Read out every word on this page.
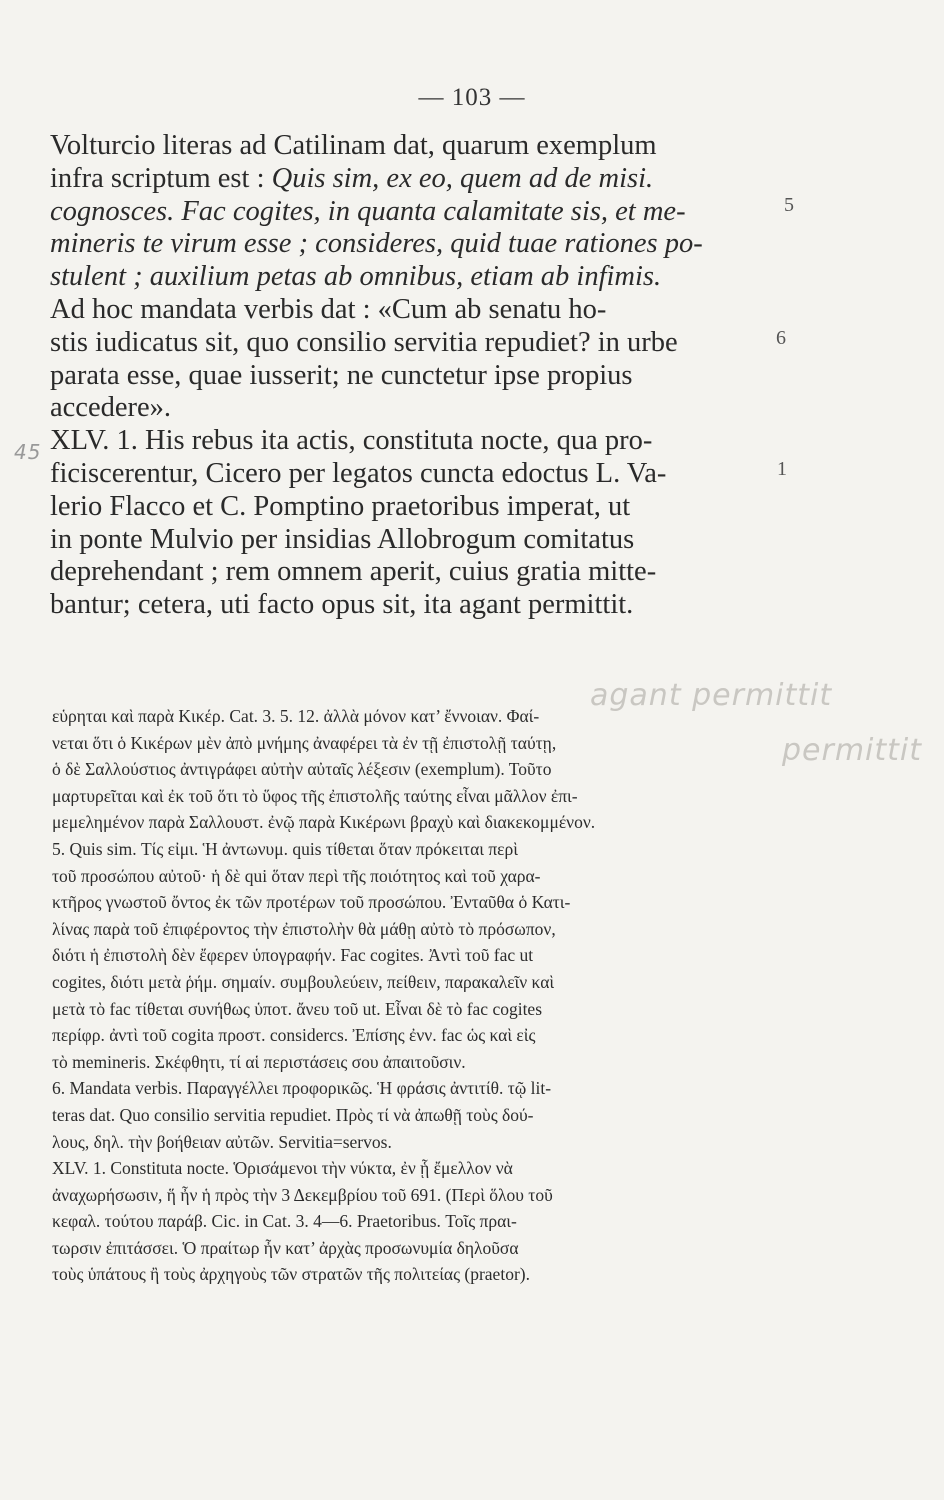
— 103 —
Volturcio literas ad Catilinam dat, quarum exemplum
infra scriptum est : Quis sim, ex eo, quem ad de misi.
cognosces. Fac cogites, in quanta calamitate sis, et me-
mineris te virum esse ; consideres, quid tuae rationes po-
stulent ; auxilium petas ab omnibus, etiam ab infimis.
Ad hoc mandata verbis dat : «Cum ab senatu ho-
stis iudicatus sit, quo consilio servitia repudiet? in urbe
parata esse, quae iusserit; ne cunctetur ipse propius
accedere».
XLV. 1. His rebus ita actis, constituta nocte, qua pro-
ficiscerentur, Cicero per legatos cuncta edoctus L. Va-
lerio Flacco et C. Pomptino praetoribus imperat, ut
in ponte Mulvio per insidias Allobrogum comitatus
deprehendant ; rem omnem aperit, cuius gratia mitte-
bantur; cetera, uti facto opus sit, ita agant permittit.
5
6
1
45
agant permittit
permittit
εὑρηται καὶ παρὰ Κικέρ. Cat. 3. 5. 12. ἀλλὰ μόνον κατ’ ἔννοιαν. Φαί-
νεται ὅτι ὁ Κικέρων μὲν ἀπὸ μνήμης ἀναφέρει τὰ ἐν τῇ ἐπιστολῇ ταύτῃ,
ὁ δὲ Σαλλούστιος ἀντιγράφει αὐτὴν αὐταῖς λέξεσιν (exemplum). Τοῦτο
μαρτυρεῖται καὶ ἐκ τοῦ ὅτι τὸ ὕφος τῆς ἐπιστολῆς ταύτης εἶναι μᾶλλον ἐπι-
μεμελημένον παρὰ Σαλλουστ. ἐνῷ παρὰ Κικέρωνι βραχὺ καὶ διακεκομμένον.
5. Quis sim. Τίς εἰμι. Ἡ ἀντωνυμ. quis τίθεται ὅταν πρόκειται περὶ
τοῦ προσώπου αὐτοῦ· ἡ δὲ qui ὅταν περὶ τῆς ποιότητος καὶ τοῦ χαρα-
κτῆρος γνωστοῦ ὄντος ἐκ τῶν προτέρων τοῦ προσώπου. Ἐνταῦθα ὁ Κατι-
λίνας παρὰ τοῦ ἐπιφέροντος τὴν ἐπιστολὴν θὰ μάθῃ αὐτὸ τὸ πρόσωπον,
διότι ἡ ἐπιστολὴ δὲν ἔφερεν ὑπογραφήν. Fac cogites. Ἀντὶ τοῦ fac ut
cogites, διότι μετὰ ῥήμ. σημαίν. συμβουλεύειν, πείθειν, παρακαλεῖν καὶ
μετὰ τὸ fac τίθεται συνήθως ὑποτ. ἄνευ τοῦ ut. Εἶναι δὲ τὸ fac cogites
περίφρ. ἀντὶ τοῦ cogita προστ. considercs. Ἐπίσης ἐνν. fac ὡς καὶ εἰς
τὸ memineris. Σκέφθητι, τί αἱ περιστάσεις σου ἀπαιτοῦσιν.
6. Mandata verbis. Παραγγέλλει προφορικῶς. Ἡ φράσις ἀντιτίθ. τῷ lit-
teras dat. Quo consilio servitia repudiet. Πρὸς τί νὰ ἀπωθῇ τοὺς δού-
λους, δηλ. τὴν βοήθειαν αὐτῶν. Servitia=servos.
XLV. 1. Constituta nocte. Ὁρισάμενοι τὴν νύκτα, ἐν ᾗ ἔμελλον νὰ
ἀναχωρήσωσιν, ἥ ἦν ἡ πρὸς τὴν 3 Δεκεμβρίου τοῦ 691. (Περὶ ὅλου τοῦ
κεφαλ. τούτου παράβ. Cic. in Cat. 3. 4—6. Praetoribus. Τοῖς πραι-
τωρσιν ἐπιτάσσει. Ὁ πραίτωρ ἦν κατ’ ἀρχὰς προσωνυμία δηλοῦσα
τοὺς ὑπάτους ἢ τοὺς ἀρχηγοὺς τῶν στρατῶν τῆς πολιτείας (praetor).
